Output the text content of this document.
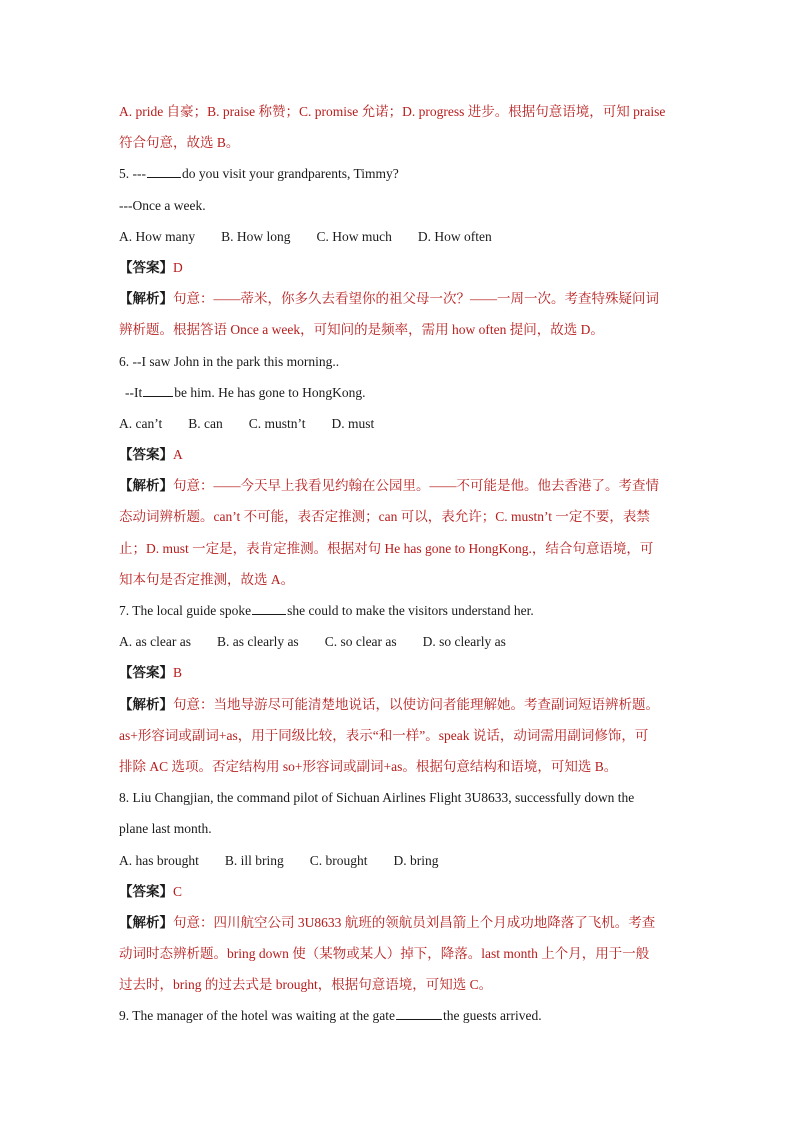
A. pride 自豪；B. praise 称赞；C. promise 允诺；D. progress 进步。根据句意语境，可知 praise
符合句意，故选 B。
5. ---	do you visit your grandparents, Timmy?
---Once a week.
A. How many B. How long C. How much D. How often
【答案】D
【解析】句意：——蒂米，你多久去看望你的祖父母一次？——一周一次。考查特殊疑问词
辨析题。根据答语 Once a week，可知问的是频率，需用 how often 提问，故选 D。
6. --I saw John in the park this morning..
--It be him. He has gone to HongKong.
A. can’t B. can C. mustn’t D. must
【答案】A
【解析】句意：——今天早上我看见约翰在公园里。——不可能是他。他去香港了。考查情
态动词辨析题。can’t 不可能，表否定推测；can 可以，表允许；C. mustn’t 一定不要，表禁
止；D. must 一定是，表肯定推测。根据对句 He has gone to HongKong.，结合句意语境，可
知本句是否定推测，故选 A。
7. The local guide spoke	she could to make the visitors understand her.
A. as clear as B. as clearly as C. so clear as D. so clearly as
【答案】B
【解析】句意：当地导游尽可能清楚地说话，以使访问者能理解她。考查副词短语辨析题。
as+形容词或副词+as，用于同级比较，表示“和一样”。speak 说话，动词需用副词修饰，可
排除 AC 选项。否定结构用 so+形容词或副词+as。根据句意结构和语境，可知选 B。
8. Liu Changjian, the command pilot of Sichuan Airlines Flight 3U8633, successfully down the
plane last month.
A. has brought B. ill bring C. brought D. bring
【答案】C
【解析】句意：四川航空公司 3U8633 航班的领航员刘昌箭上个月成功地降落了飞机。考查
动词时态辨析题。bring down 使（某物或某人）掉下，降落。last month 上个月，用于一般
过去时，bring 的过去式是 brought，根据句意语境，可知选 C。
9. The manager of the hotel was waiting at the gate	the guests arrived.
